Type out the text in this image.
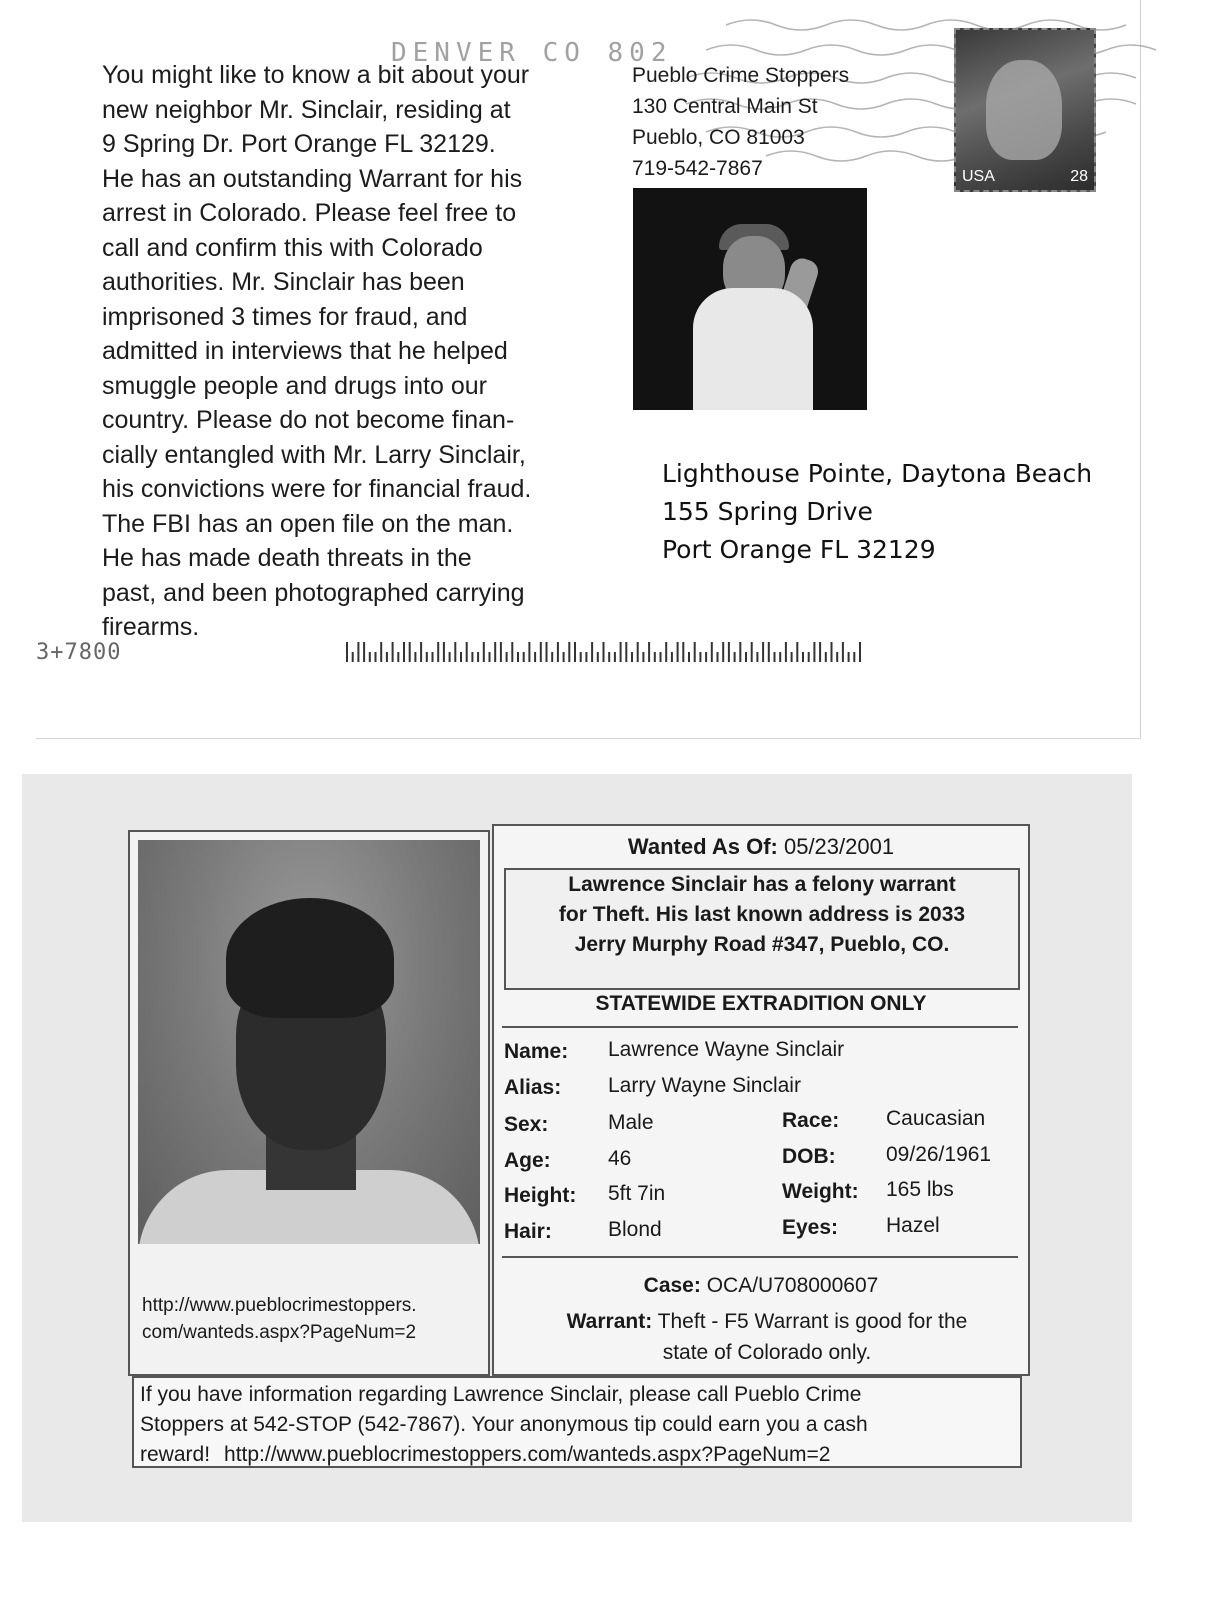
DENVER CO 802
You might like to know a bit about your
new neighbor Mr. Sinclair, residing at
9 Spring Dr. Port Orange FL 32129.
He has an outstanding Warrant for his
arrest in Colorado. Please feel free to
call and confirm this with Colorado
authorities. Mr. Sinclair has been
imprisoned 3 times for fraud, and
admitted in interviews that he helped
smuggle people and drugs into our
country. Please do not become finan-
cially entangled with Mr. Larry Sinclair,
his convictions were for financial fraud.
The FBI has an open file on the man.
He has made death threats in the
past, and been photographed carrying
firearms.
Pueblo Crime Stoppers
130 Central Main St
Pueblo, CO 81003
719-542-7867	USA	28
Lighthouse Pointe, Daytona Beach
155 Spring Drive
Port Orange FL 32129
3+7800
http://www.pueblocrimestoppers.
com/wanteds.aspx?PageNum=2
Wanted As Of: 05/23/2001
Lawrence Sinclair has a felony warrant
for Theft. His last known address is 2033
Jerry Murphy Road #347, Pueblo, CO.
STATEWIDE EXTRADITION ONLY
Name: Lawrence Wayne Sinclair
Alias: Larry Wayne Sinclair
Sex:	Male	Race: Caucasian
Age:	46	DOB: 09/26/1961
Height: 5ft 7in	Weight: 165 lbs
Hair:	Blond	Eyes: Hazel
Case: OCA/U708000607
Warrant: Theft - F5 Warrant is good for the
state of Colorado only.
If you have information regarding Lawrence Sinclair, please call Pueblo Crime
Stoppers at 542-STOP (542-7867). Your anonymous tip could earn you a cash
reward! http://www.pueblocrimestoppers.com/wanteds.aspx?PageNum=2
